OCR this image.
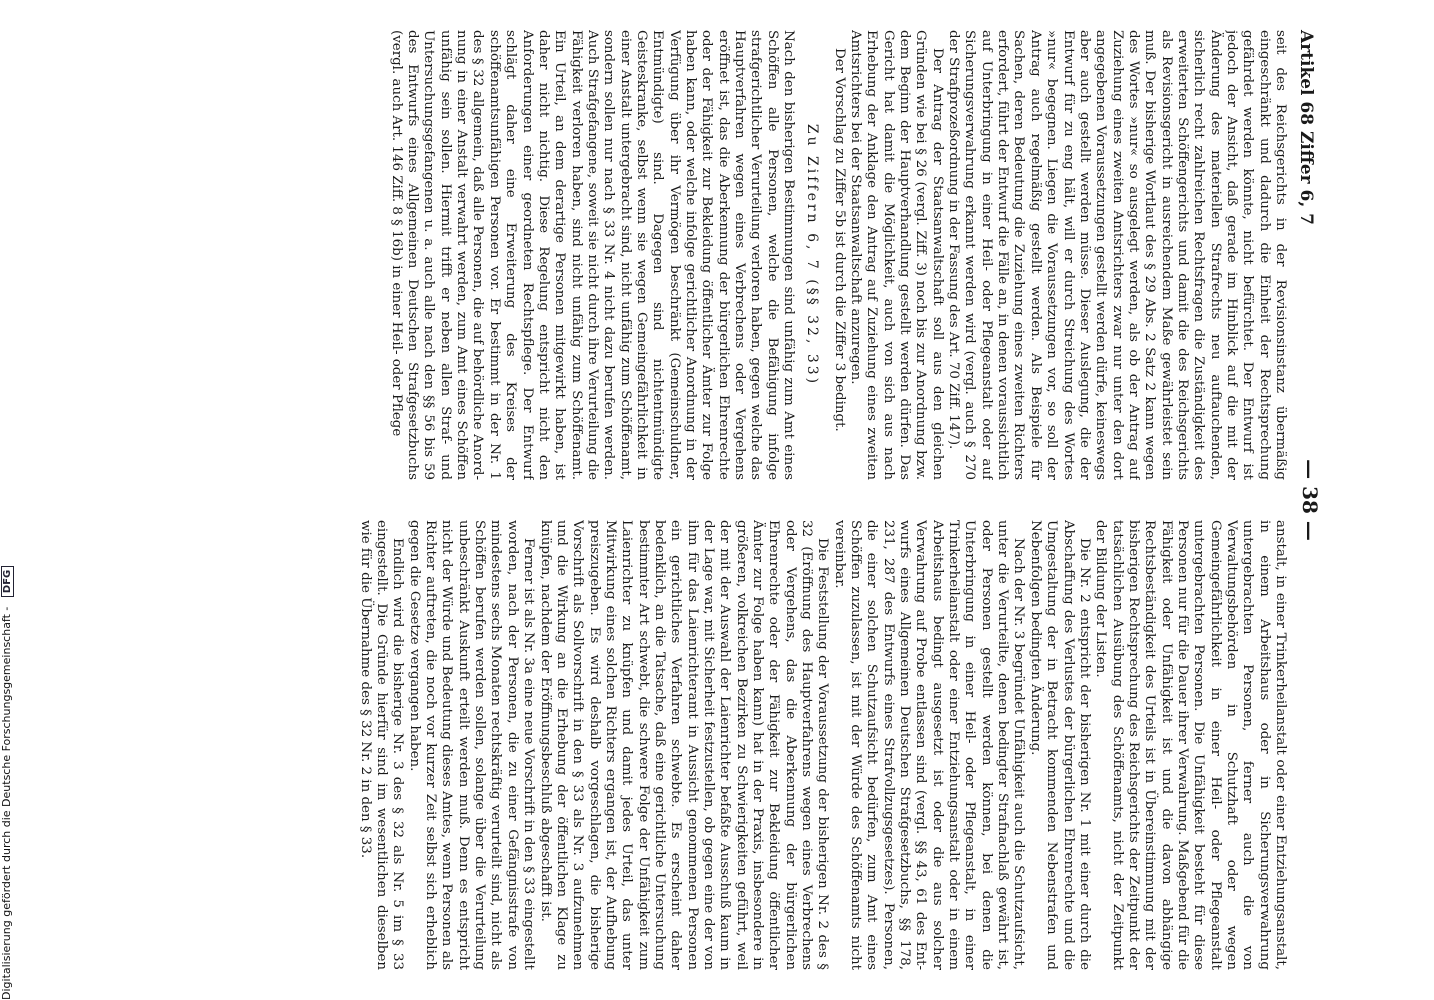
Artikel 68 Ziffer 6, 7
— 38 —

seit des Reichsgerichts in der Revisionsinstanz übermäßig eingeschränkt und dadurch die Einheit der Rechtsprechung gefährdet werden könnte, nicht befürchtet. Der Entwurf ist jedoch der Ansicht, daß gerade im Hinblick auf die mit der Änderung des materiellen Strafrechts neu auftauchenden, sicherlich recht zahlreichen Rechtsfragen die Zuständigkeit des erweiterten Schöffengerichts und damit die des Reichsgerichts als Revisionsgericht in ausreichendem Maße gewährleistet sein muß. Der bisherige Wortlaut des § 29 Abs. 2 Satz 2 kann wegen des Wortes »nur« so ausgelegt werden, als ob der Antrag auf Zuziehung eines zweiten Amtsrichters zwar nur unter den dort angegebenen Voraussetzungen gestellt werden dürfe, keineswegs aber auch gestellt werden müsse. Dieser Auslegung, die der Entwurf für zu eng hält, will er durch Streichung des Wortes »nur« begegnen. Liegen die Voraussetzungen vor, so soll der Antrag auch regelmäßig gestellt werden. Als Beispiele für Sachen, deren Bedeutung die Zuziehung eines zweiten Richters erfordert, führt der Entwurf die Fälle an, in denen voraussichtlich auf Unterbringung in einer Heil- oder Pflegeanstalt oder auf Sicherungsverwahrung erkannt werden wird (vergl. auch § 270 der Strafprozeßordnung in der Fassung des Art. 70 Ziff. 147).

Der Antrag der Staatsanwaltschaft soll aus den gleichen Gründen wie bei § 26 (vergl. Ziff. 3) noch bis zur Anordnung bzw. dem Beginn der Hauptverhandlung gestellt werden dürfen. Das Gericht hat damit die Möglichkeit, auch von sich aus nach Erhebung der Anklage den Antrag auf Zuziehung eines zweiten Amtsrichters bei der Staatsanwaltschaft anzuregen.

Der Vorschlag zu Ziffer 5b ist durch die Ziffer 3 bedingt.

Zu Ziffern 6, 7 (§§ 32, 33)

Nach den bisherigen Bestimmungen sind unfähig zum Amt eines Schöffen alle Personen, welche die Befähigung infolge strafgerichtlicher Verurteilung verloren haben, gegen welche das Hauptverfahren wegen eines Verbrechens oder Vergehens eröffnet ist, das die Aberkennung der bürgerlichen Ehrenrechte oder der Fähigkeit zur Bekleidung öffentlicher Ämter zur Folge haben kann, oder welche infolge gerichtlicher Anordnung in der Verfügung über ihr Vermögen beschränkt (Gemeinschuldner, Entmündigte) sind. Dagegen sind nichtentmündigte Geisteskranke, selbst wenn sie wegen Gemeingefährlichkeit in einer Anstalt untergebracht sind, nicht unfähig zum Schöffenamt, sondern sollen nur nach § 33 Nr. 4 nicht dazu berufen werden. Auch Strafgefangene, soweit sie nicht durch ihre Verurteilung die Fähigkeit verloren haben, sind nicht unfähig zum Schöffenamt. Ein Urteil, an dem derartige Personen mitgewirkt haben, ist daher nicht nichtig. Diese Regelung entspricht nicht den Anforderungen einer geordneten Rechtspflege. Der Entwurf schlägt daher eine Erweiterung des Kreises der schöffenamtsunfähigen Personen vor. Er bestimmt in der Nr. 1 des § 32 allgemein, daß alle Personen, die auf behördliche Anordnung in einer Anstalt verwahrt werden, zum Amt eines Schöffen unfähig sein sollen. Hiermit trifft er neben allen Straf- und Untersuchungsgefangenen u. a. auch alle nach den §§ 56 bis 59 des Entwurfs eines Allgemeinen Deutschen Strafgesetzbuchs (vergl. auch Art. 146 Ziff. 8 § 16b) in einer Heil- oder Pflege

anstalt, in einer Trinkerheilanstalt oder einer Entziehungsanstalt, in einem Arbeitshaus oder in Sicherungsverwahrung untergebrachten Personen, ferner auch die von Verwaltungsbehörden in Schutzhaft oder wegen Gemeingefährlichkeit in einer Heil- oder Pflegeanstalt untergebrachten Personen. Die Unfähigkeit besteht für diese Personen nur für die Dauer ihrer Verwahrung. Maßgebend für die Fähigkeit oder Unfähigkeit ist und die davon abhängige Rechtsbeständigkeit des Urteils ist in Übereinstimmung mit der bisherigen Rechtsprechung des Reichsgerichts der Zeitpunkt der tatsächlichen Ausübung des Schöffenamts, nicht der Zeitpunkt der Bildung der Listen.

Die Nr. 2 entspricht der bisherigen Nr. 1 mit einer durch die Abschaffung des Verlustes der bürgerlichen Ehrenrechte und die Umgestaltung der in Betracht kommenden Nebenstrafen und Nebenfolgen bedingten Änderung.

Nach der Nr. 3 begründet Unfähigkeit auch die Schutzaufsicht, unter die Verurteilte, denen bedingter Strafnachlaß gewährt ist, oder Personen gestellt werden können, bei denen die Unterbringung in einer Heil- oder Pflegeanstalt, in einer Trinkerheilanstalt oder einer Entziehungsanstalt oder in einem Arbeitshaus bedingt ausgesetzt ist oder die aus solcher Verwahrung auf Probe entlassen sind (vergl. §§ 43, 61 des Entwurfs eines Allgemeinen Deutschen Strafgesetzbuchs, §§ 178, 231, 287 des Entwurfs eines Strafvollzugsgesetzes). Personen, die einer solchen Schutzaufsicht bedürfen, zum Amt eines Schöffen zuzulassen, ist mit der Würde des Schöffenamts nicht vereinbar.

Die Feststellung der Voraussetzung der bisherigen Nr. 2 des § 32 (Eröffnung des Hauptverfahrens wegen eines Verbrechens oder Vergehens, das die Aberkennung der bürgerlichen Ehrenrechte oder der Fähigkeit zur Bekleidung öffentlicher Ämter zur Folge haben kann) hat in der Praxis, insbesondere in größeren, volkreichen Bezirken zu Schwierigkeiten geführt, weil der mit der Auswahl der Laienrichter befaßte Ausschuß kaum in der Lage war, mit Sicherheit festzustellen, ob gegen eine der von ihm für das Laienrichteramt in Aussicht genommenen Personen ein gerichtliches Verfahren schwebte. Es erscheint daher bedenklich, an die Tatsache, daß eine gerichtliche Untersuchung bestimmter Art schwebt, die schwere Folge der Unfähigkeit zum Laienrichter zu knüpfen und damit jedes Urteil, das unter Mitwirkung eines solchen Richters ergangen ist, der Aufhebung preiszugeben. Es wird deshalb vorgeschlagen, die bisherige Vorschrift als Sollvorschrift in den § 33 als Nr. 3 aufzunehmen und die Wirkung an die Erhebung der öffentlichen Klage zu knüpfen, nachdem der Eröffnungsbeschluß abgeschafft ist.

Ferner ist als Nr. 3a eine neue Vorschrift in den § 33 eingestellt worden, nach der Personen, die zu einer Gefängnisstrafe von mindestens sechs Monaten rechtskräftig verurteilt sind, nicht als Schöffen berufen werden sollen, solange über die Verurteilung unbeschränkt Auskunft erteilt werden muß. Denn es entspricht nicht der Würde und Bedeutung dieses Amtes, wenn Personen als Richter auftreten, die noch vor kurzer Zeit selbst sich erheblich gegen die Gesetze vergangen haben.

Endlich wird die bisherige Nr. 3 des § 32 als Nr. 5 im § 33 eingestellt. Die Gründe hierfür sind im wesentlichen dieselben wie für die Übernahme des § 32 Nr. 2 in den § 33.

Digitalisierung gefördert durch die Deutsche Forschungsgemeinschaft - DFG
